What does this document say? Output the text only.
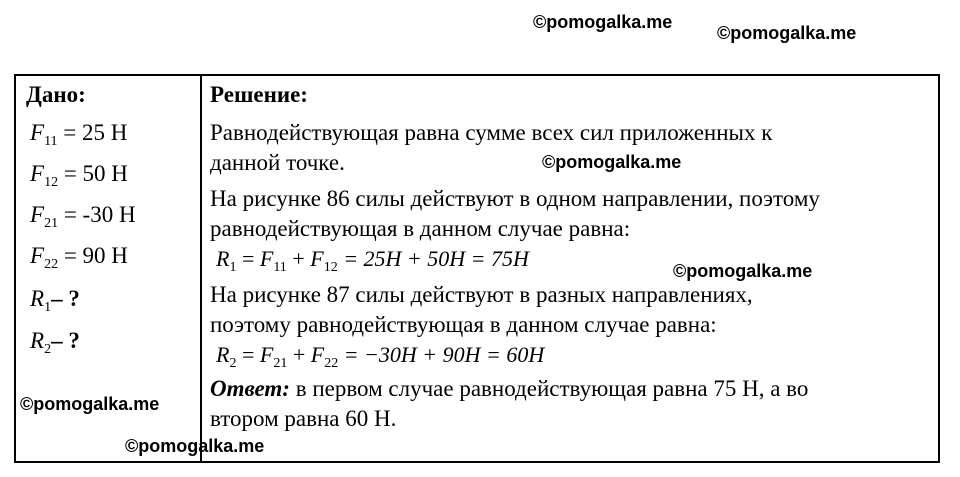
©pomogalka.me
©pomogalka.me
Дано:
$F_{11} = 25$ Н
$F_{12} = 50$ Н
$F_{21} = -30$ Н
$F_{22} = 90$ Н
$R_1-$ ?
$R_2-$ ?
Решение:
Равнодействующая равна сумме всех сил приложенных к
данной точке.
На рисунке 86 силы действуют в одном направлении, поэтому
равнодействующая в данном случае равна:
$R_1 = F_{11} + F_{12} = 25H + 50H = 75H$
На рисунке 87 силы действуют в разных направлениях,
поэтому равнодействующая в данном случае равна:
$R_2 = F_{21} + F_{22} = -30H + 90H = 60H$
Ответ: в первом случае равнодействующая равна 75 Н, а во
втором равна 60 Н.
©pomogalka.me
©pomogalka.me
©pomogalka.me
©pomogalka.me
